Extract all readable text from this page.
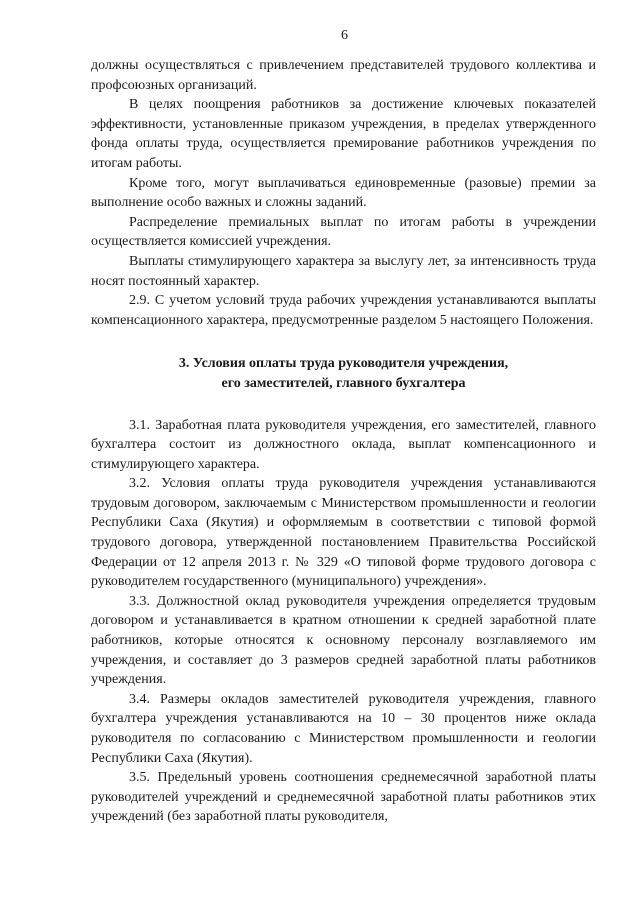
6

должны осуществляться с привлечением представителей трудового коллектива и профсоюзных организаций.

В целях поощрения работников за достижение ключевых показателей эффективности, установленные приказом учреждения, в пределах утвержденного фонда оплаты труда, осуществляется премирование работников учреждения по итогам работы.

Кроме того, могут выплачиваться единовременные (разовые) премии за выполнение особо важных и сложны заданий.

Распределение премиальных выплат по итогам работы в учреждении осуществляется комиссией учреждения.

Выплаты стимулирующего характера за выслугу лет, за интенсивность труда носят постоянный характер.

2.9. С учетом условий труда рабочих учреждения устанавливаются выплаты компенсационного характера, предусмотренные разделом 5 настоящего Положения.

3. Условия оплаты труда руководителя учреждения,
его заместителей, главного бухгалтера

3.1. Заработная плата руководителя учреждения, его заместителей, главного бухгалтера состоит из должностного оклада, выплат компенсационного и стимулирующего характера.

3.2. Условия оплаты труда руководителя учреждения устанавливаются трудовым договором, заключаемым с Министерством промышленности и геологии Республики Саха (Якутия) и оформляемым в соответствии с типовой формой трудового договора, утвержденной постановлением Правительства Российской Федерации от 12 апреля 2013 г. № 329 «О типовой форме трудового договора с руководителем государственного (муниципального) учреждения».

3.3. Должностной оклад руководителя учреждения определяется трудовым договором и устанавливается в кратном отношении к средней заработной плате работников, которые относятся к основному персоналу возглавляемого им учреждения, и составляет до 3 размеров средней заработной платы работников учреждения.

3.4. Размеры окладов заместителей руководителя учреждения, главного бухгалтера учреждения устанавливаются на 10 – 30 процентов ниже оклада руководителя по согласованию с Министерством промышленности и геологии Республики Саха (Якутия).

3.5. Предельный уровень соотношения среднемесячной заработной платы руководителей учреждений и среднемесячной заработной платы работников этих учреждений (без заработной платы руководителя,
